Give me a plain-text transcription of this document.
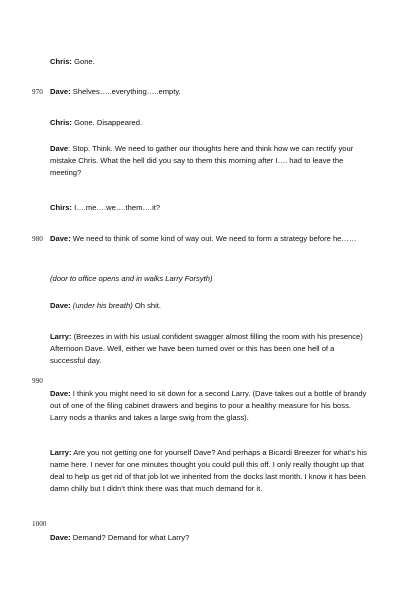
Chris: Gone.

970 Dave: Shelves…..everything…..empty.

Chris: Gone. Disappeared.

Dave: Stop. Think. We need to gather our thoughts here and think how we can rectify your mistake Chris. What the hell did you say to them this morning after I…. had to leave the meeting?

Chirs: I….me….we….them….it?

980 Dave: We need to think of some kind of way out. We need to form a strategy before he……

(door to office opens and in walks Larry Forsyth)

Dave: (under his breath) Oh shit.

Larry: (Breezes in with his usual confident swagger almost filling the room with his presence) Afternoon Dave. Well, either we have been turned over or this has been one hell of a successful day.

990

Dave: I think you might need to sit down for a second Larry. (Dave takes out a bottle of brandy out of one of the filing cabinet drawers and begins to pour a healthy measure for his boss. Larry nods a thanks and takes a large swig from the glass).

Larry: Are you not getting one for yourself Dave? And perhaps a Bicardi Breezer for what’s his name here. I never for one minutes thought you could pull this off. I only really thought up that deal to help us get rid of that job lot we inherited from the docks last month. I know it has been damn chilly but I didn’t think there was that much demand for it.

1000

Dave: Demand? Demand for what Larry?
